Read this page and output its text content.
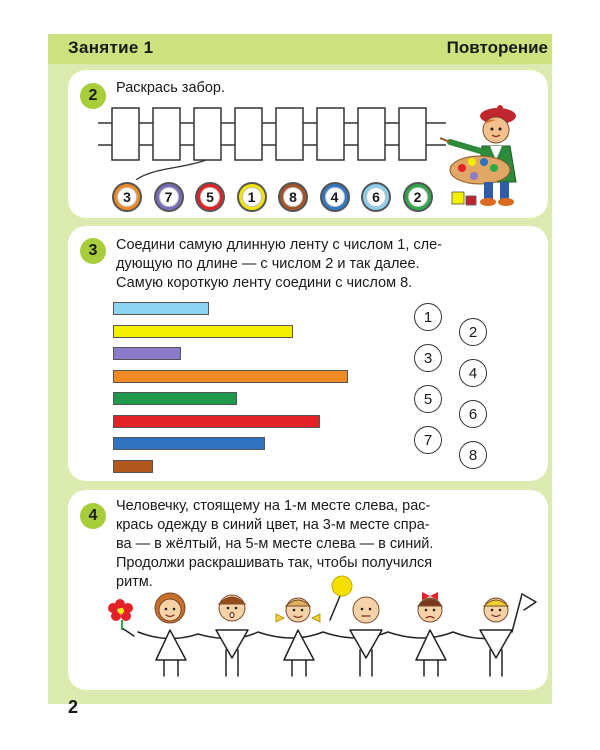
Занятие 1	Повторение
2	Раскрась забор.
3	7	5	1	8	4	6	2
3	Соедини самую длинную ленту с числом 1, сле-
дующую по длине — с числом 2 и так далее.
Самую короткую ленту соедини с числом 8.
1
3
5
7
2
4
6
8
4
Человечку, стоящему на 1-м месте слева, рас-
крась одежду в синий цвет, на 3-м месте спра-
ва — в жёлтый, на 5-м месте слева — в синий.
Продолжи раскрашивать так, чтобы получился
ритм.
2
